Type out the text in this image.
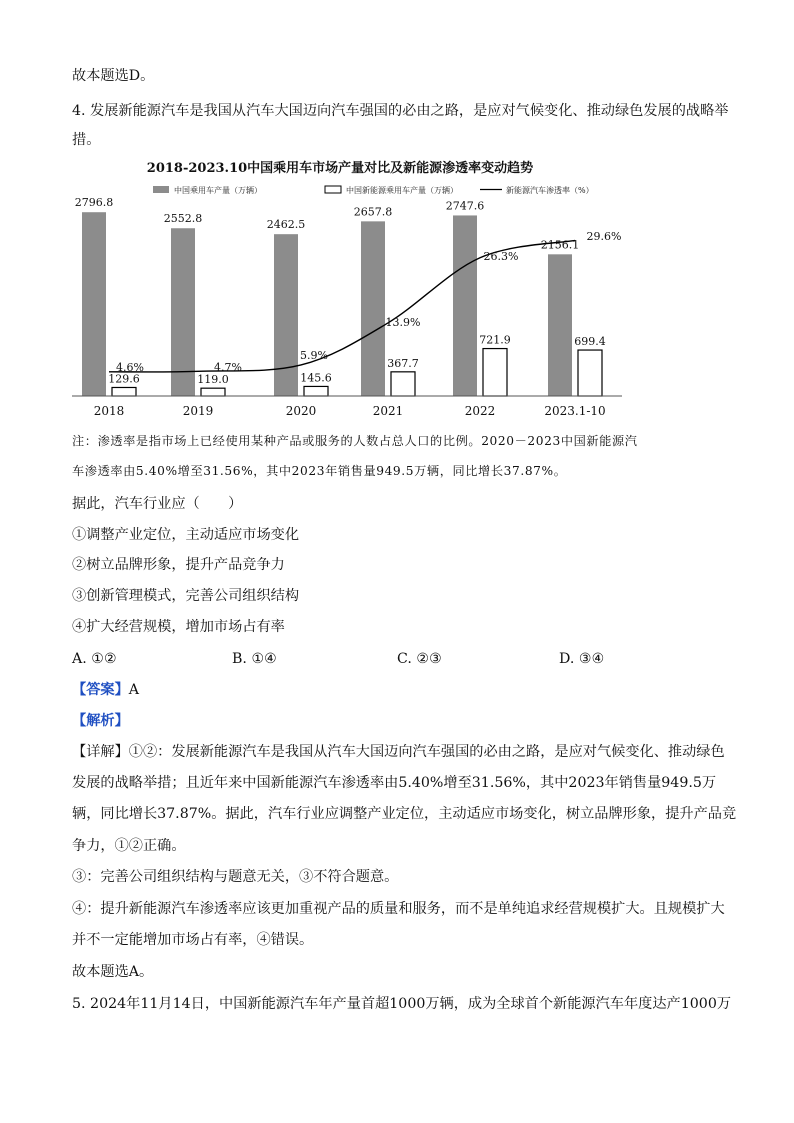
故本题选D。
4. 发展新能源汽车是我国从汽车大国迈向汽车强国的必由之路，是应对气候变化、推动绿色发展的战略举
措。
2018-2023.10中国乘用车市场产量对比及新能源渗透率变动趋势
中国乘用车产量（万辆）	中国新能源乘用车产量（万辆）	新能源汽车渗透率（%）
2796.8
129.6
2018
2552.8
119.0
2019
2462.5
145.6
2020
2657.8
367.7
2021
2747.6
721.9
2022
2156.1
699.4
2023.1-10
4.6%	4.7%
5.9%
13.9%
26.3%
29.6%
注：渗透率是指市场上已经使用某种产品或服务的人数占总人口的比例。2020－2023中国新能源汽
车渗透率由5.40%增至31.56%，其中2023年销售量949.5万辆，同比增长37.87%。
据此，汽车行业应（　　）
①调整产业定位，主动适应市场变化
②树立品牌形象，提升产品竞争力
③创新管理模式，完善公司组织结构
④扩大经营规模，增加市场占有率
A. ①②	B. ①④	C. ②③	D. ③④
【答案】A
【解析】
【详解】①②：发展新能源汽车是我国从汽车大国迈向汽车强国的必由之路，是应对气候变化、推动绿色
发展的战略举措；且近年来中国新能源汽车渗透率由5.40%增至31.56%，其中2023年销售量949.5万
辆，同比增长37.87%。据此，汽车行业应调整产业定位，主动适应市场变化，树立品牌形象，提升产品竞
争力，①②正确。
③：完善公司组织结构与题意无关，③不符合题意。
④：提升新能源汽车渗透率应该更加重视产品的质量和服务，而不是单纯追求经营规模扩大。且规模扩大
并不一定能增加市场占有率，④错误。
故本题选A。
5. 2024年11月14日，中国新能源汽车年产量首超1000万辆，成为全球首个新能源汽车年度达产1000万
